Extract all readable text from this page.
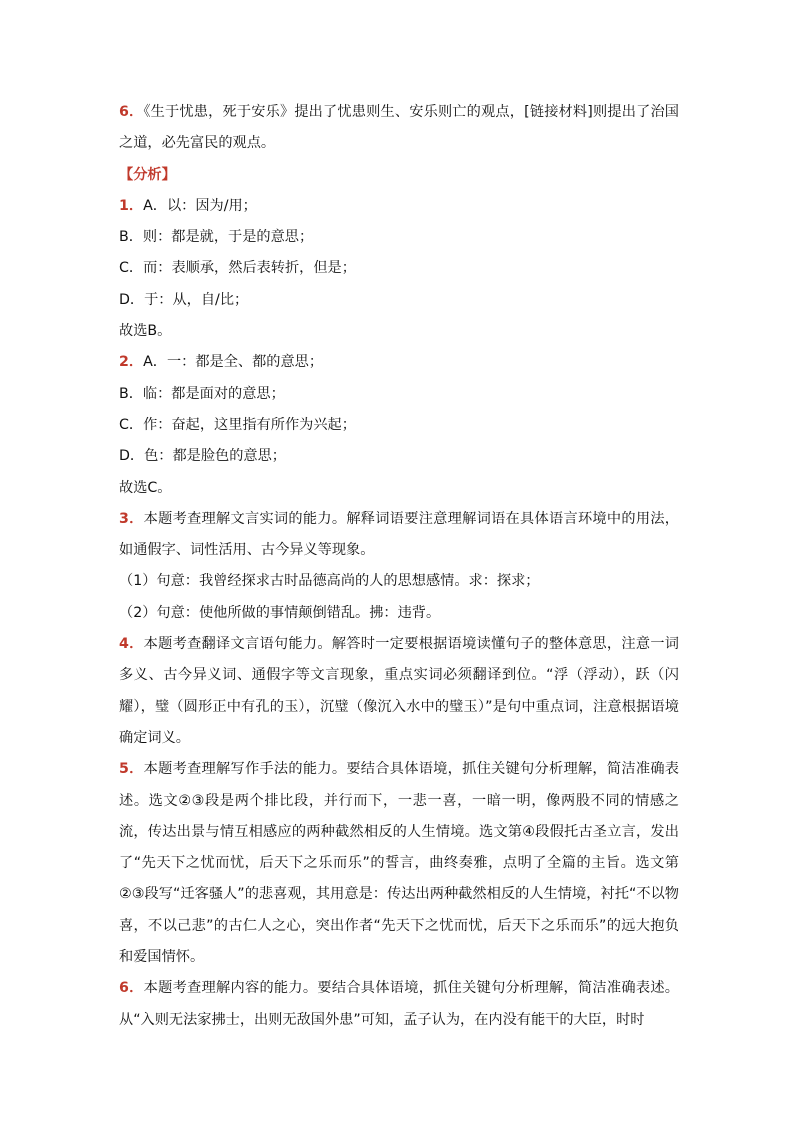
6．《生于忧患，死于安乐》提出了忧患则生、安乐则亡的观点，[链接材料]则提出了治国之道，必先富民的观点。

【分析】

1．A．以：因为/用；

B．则：都是就，于是的意思；

C．而：表顺承，然后表转折，但是；

D．于：从，自/比；

故选B。

2．A．一：都是全、都的意思；

B．临：都是面对的意思；

C．作：奋起，这里指有所作为兴起；

D．色：都是脸色的意思；

故选C。

3．本题考查理解文言实词的能力。解释词语要注意理解词语在具体语言环境中的用法，如通假字、词性活用、古今异义等现象。

（1）句意：我曾经探求古时品德高尚的人的思想感情。求：探求；

（2）句意：使他所做的事情颠倒错乱。拂：违背。

4．本题考查翻译文言语句能力。解答时一定要根据语境读懂句子的整体意思，注意一词多义、古今异义词、通假字等文言现象，重点实词必须翻译到位。“浮（浮动），跃（闪耀），璧（圆形正中有孔的玉），沉璧（像沉入水中的璧玉）”是句中重点词，注意根据语境确定词义。

5．本题考查理解写作手法的能力。要结合具体语境，抓住关键句分析理解，简洁准确表述。选文②③段是两个排比段，并行而下，一悲一喜，一暗一明，像两股不同的情感之流，传达出景与情互相感应的两种截然相反的人生情境。选文第④段假托古圣立言，发出了“先天下之忧而忧，后天下之乐而乐”的誓言，曲终奏雅，点明了全篇的主旨。选文第②③段写“迁客骚人”的悲喜观，其用意是：传达出两种截然相反的人生情境，衬托“不以物喜，不以己悲”的古仁人之心，突出作者“先天下之忧而忧，后天下之乐而乐”的远大抱负和爱国情怀。

6．本题考查理解内容的能力。要结合具体语境，抓住关键句分析理解，简洁准确表述。从“入则无法家拂士，出则无敌国外患”可知，孟子认为，在内没有能干的大臣，时时
